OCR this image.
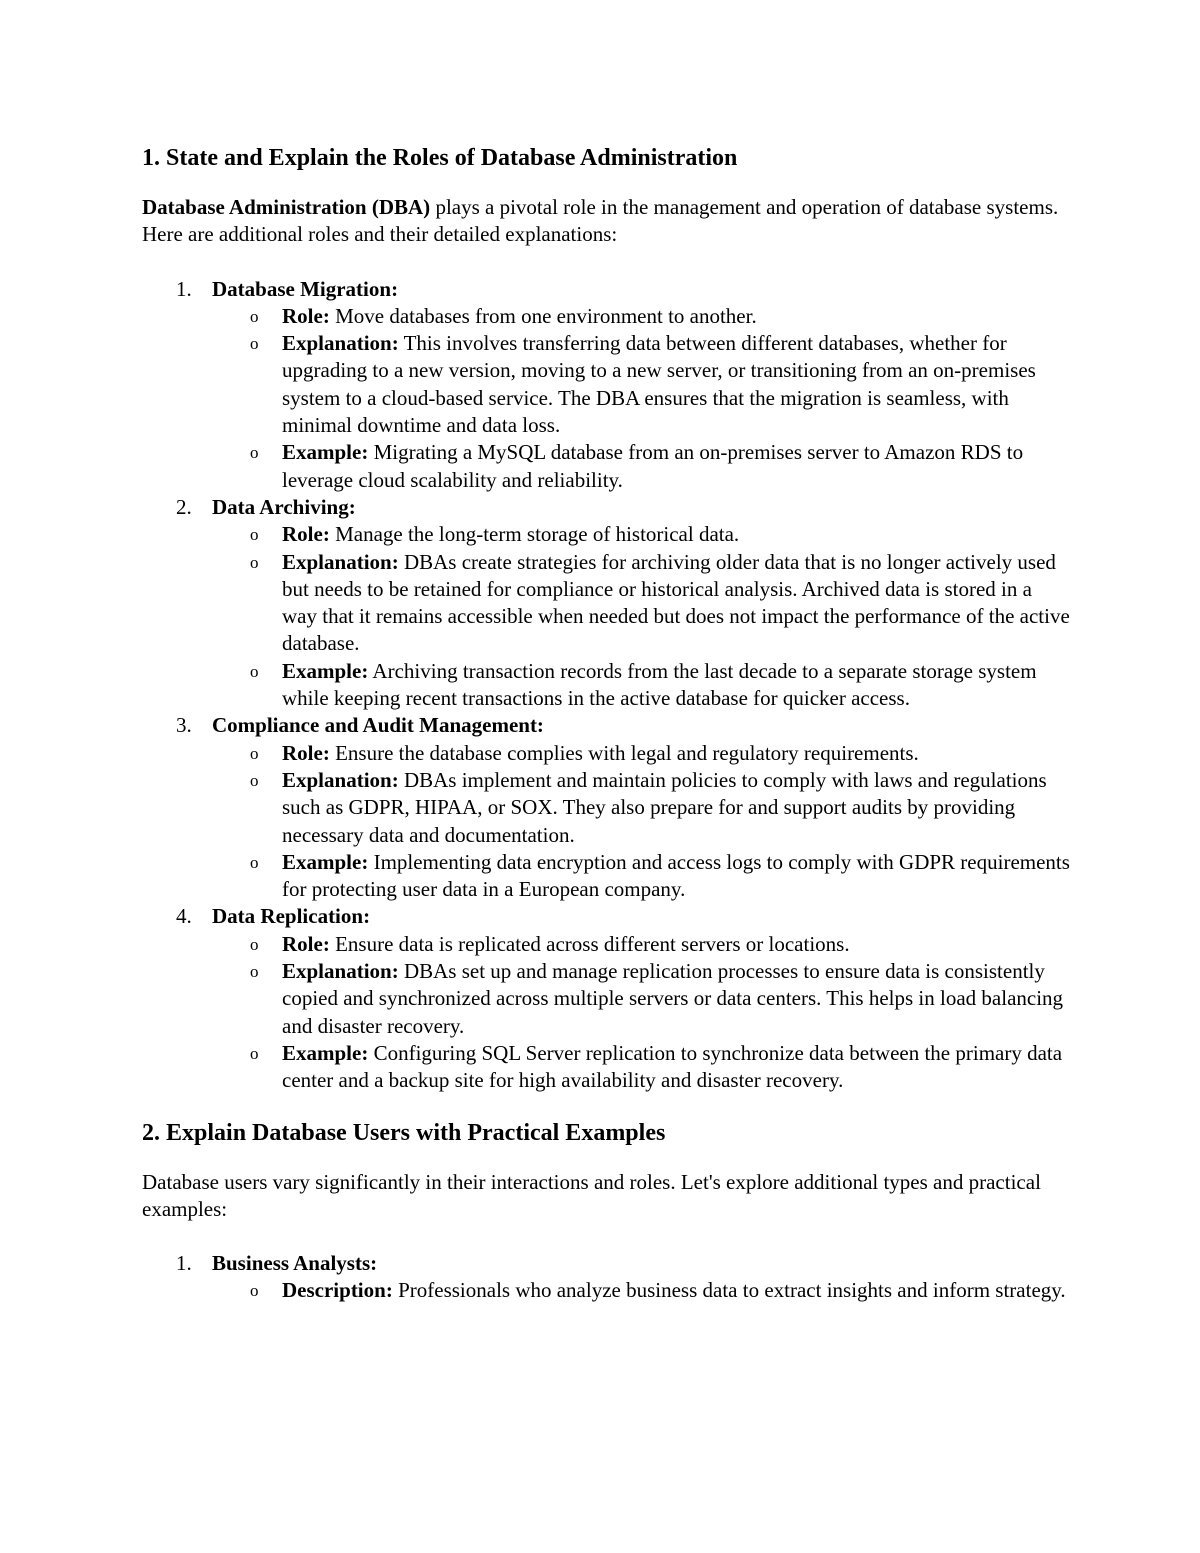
1. State and Explain the Roles of Database Administration

Database Administration (DBA) plays a pivotal role in the management and operation of database systems. Here are additional roles and their detailed explanations:

1. Database Migration:
o Role: Move databases from one environment to another.
o Explanation: This involves transferring data between different databases, whether for upgrading to a new version, moving to a new server, or transitioning from an on-premises system to a cloud-based service. The DBA ensures that the migration is seamless, with minimal downtime and data loss.
o Example: Migrating a MySQL database from an on-premises server to Amazon RDS to leverage cloud scalability and reliability.
2. Data Archiving:
o Role: Manage the long-term storage of historical data.
o Explanation: DBAs create strategies for archiving older data that is no longer actively used but needs to be retained for compliance or historical analysis. Archived data is stored in a way that it remains accessible when needed but does not impact the performance of the active database.
o Example: Archiving transaction records from the last decade to a separate storage system while keeping recent transactions in the active database for quicker access.
3. Compliance and Audit Management:
o Role: Ensure the database complies with legal and regulatory requirements.
o Explanation: DBAs implement and maintain policies to comply with laws and regulations such as GDPR, HIPAA, or SOX. They also prepare for and support audits by providing necessary data and documentation.
o Example: Implementing data encryption and access logs to comply with GDPR requirements for protecting user data in a European company.
4. Data Replication:
o Role: Ensure data is replicated across different servers or locations.
o Explanation: DBAs set up and manage replication processes to ensure data is consistently copied and synchronized across multiple servers or data centers. This helps in load balancing and disaster recovery.
o Example: Configuring SQL Server replication to synchronize data between the primary data center and a backup site for high availability and disaster recovery.
2. Explain Database Users with Practical Examples

Database users vary significantly in their interactions and roles. Let's explore additional types and practical examples:

1. Business Analysts:
o Description: Professionals who analyze business data to extract insights and inform strategy.
